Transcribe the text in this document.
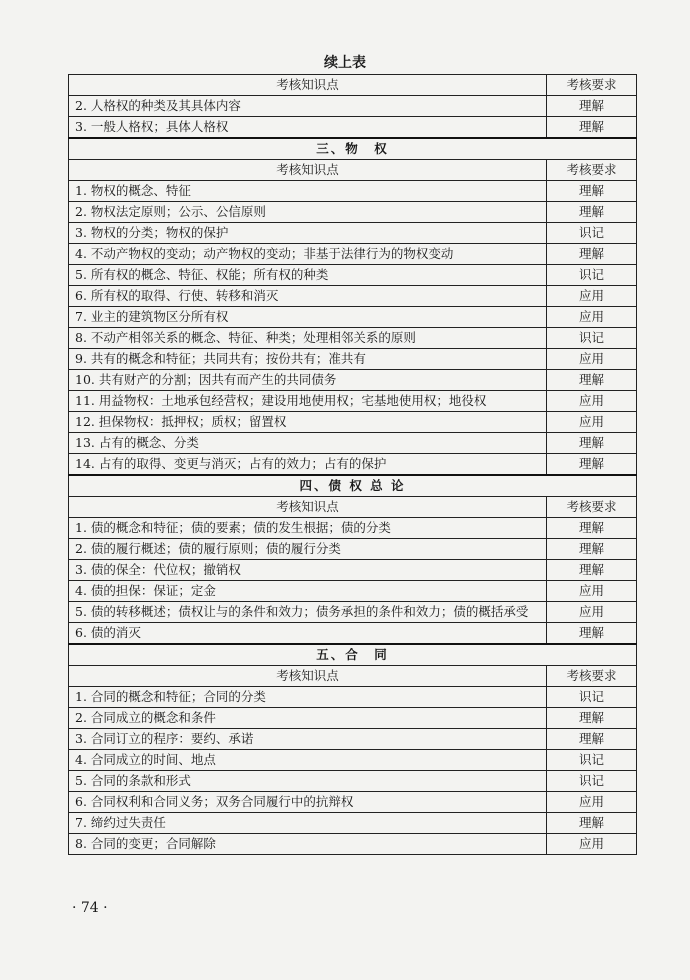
续上表
考核知识点	考核要求
2. 人格权的种类及其具体内容	理解
3. 一般人格权；具体人格权	理解
三、物　权	
考核知识点	考核要求
1. 物权的概念、特征	理解
2. 物权法定原则；公示、公信原则	理解
3. 物权的分类；物权的保护	识记
4. 不动产物权的变动；动产物权的变动；非基于法律行为的物权变动	理解
5. 所有权的概念、特征、权能；所有权的种类	识记
6. 所有权的取得、行使、转移和消灭	应用
7. 业主的建筑物区分所有权	应用
8. 不动产相邻关系的概念、特征、种类；处理相邻关系的原则	识记
9. 共有的概念和特征；共同共有；按份共有；准共有	应用
10. 共有财产的分割；因共有而产生的共同债务	理解
11. 用益物权：土地承包经营权；建设用地使用权；宅基地使用权；地役权	应用
12. 担保物权：抵押权；质权；留置权	应用
13. 占有的概念、分类	理解
14. 占有的取得、变更与消灭；占有的效力；占有的保护	理解
四、债 权 总 论	
考核知识点	考核要求
1. 债的概念和特征；债的要素；债的发生根据；债的分类	理解
2. 债的履行概述；债的履行原则；债的履行分类	理解
3. 债的保全：代位权；撤销权	理解
4. 债的担保：保证；定金	应用
5. 债的转移概述；债权让与的条件和效力；债务承担的条件和效力；债的概括承受	应用
6. 债的消灭	理解
五、合　同	
考核知识点	考核要求
1. 合同的概念和特征；合同的分类	识记
2. 合同成立的概念和条件	理解
3. 合同订立的程序：要约、承诺	理解
4. 合同成立的时间、地点	识记
5. 合同的条款和形式	识记
6. 合同权利和合同义务；双务合同履行中的抗辩权	应用
7. 缔约过失责任	理解
8. 合同的变更；合同解除	应用
· 74 ·
